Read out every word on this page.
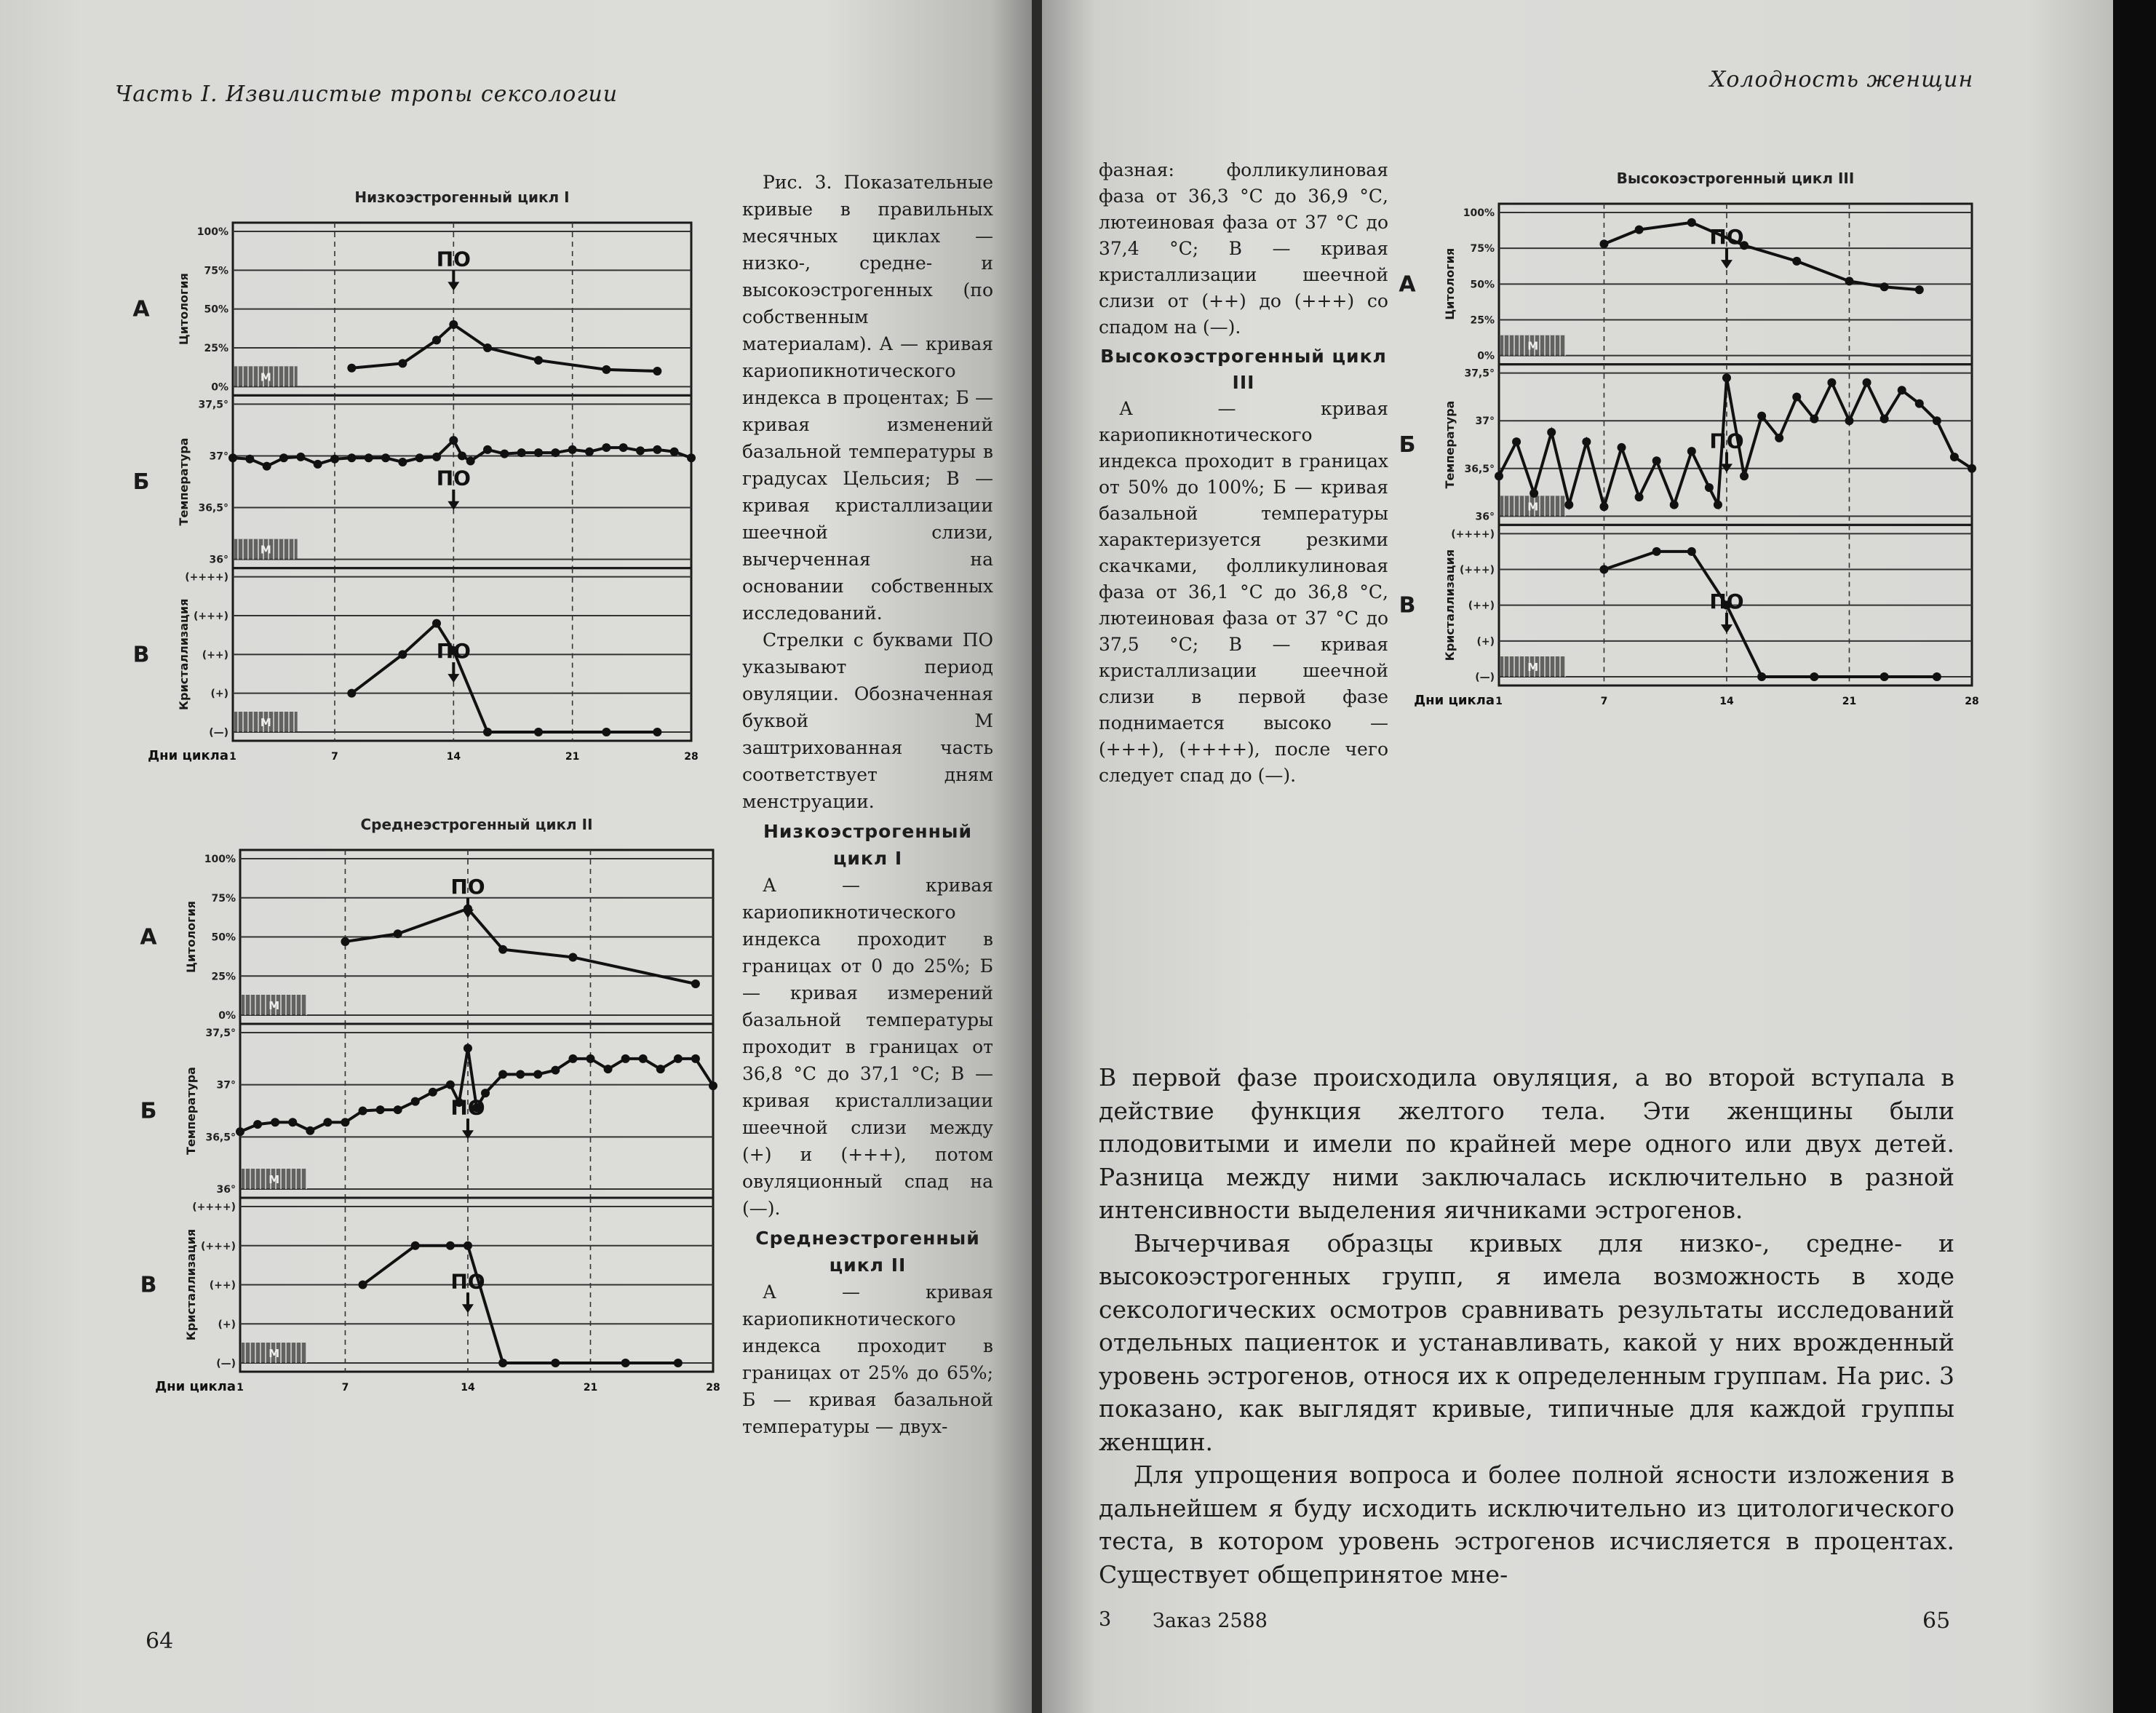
Часть I. Извилистые тропы сексологии
Низкоэстрогенный цикл I
100%
75%
50%
25%
0%
А Цитология
М
ПО
37,5°
37°
36,5°
36°
Б Температура
М
ПО
(++++)
(+++)
(++)
(+)
(—)
В Кристаллизация
М
ПО
Дни цикла 1	7	14	21	28
Среднеэстрогенный цикл II
100%
75%
50%
25%
0%
А Цитология
М
ПО
37,5°
37°
36,5°
36°
Б Температура
М
ПО
(++++)
(+++)
(++)
(+)
(—)
В Кристаллизация
М
ПО
Дни цикла 1	7	14	21	28

Рис. 3. Показательные кривые в правильных месячных циклах — низко-, средне- и высокоэстрогенных (по собственным материалам). А — кривая кариопикнотического индекса в процентах; Б — кривая изменений базальной температуры в градусах Цельсия; В — кривая кристаллизации шеечной слизи, вычерченная на основании собственных исследований.

Стрелки с буквами ПО указывают период овуляции. Обозначенная буквой М заштрихованная часть соответствует дням менструации.

Низкоэстрогенный цикл I

А — кривая кариопикнотического индекса проходит в границах от 0 до 25%; Б — кривая измерений базальной температуры проходит в границах от 36,8 °С до 37,1 °С; В — кривая кристаллизации шеечной слизи между (+) и (+++), потом овуляционный спад на (—).

Среднеэстрогенный цикл II

А — кривая кариопикнотического индекса проходит в границах от 25% до 65%; Б — кривая базальной температуры — двух-

64
Холодность женщин

фазная: фолликулиновая фаза от 36,3 °С до 36,9 °С, лютеиновая фаза от 37 °С до 37,4 °С; В — кривая кристаллизации шеечной слизи от (++) до (+++) со спадом на (—).

Высокоэстрогенный цикл III

А — кривая кариопикнотического индекса проходит в границах от 50% до 100%; Б — кривая базальной температуры характеризуется резкими скачками, фолликулиновая фаза от 36,1 °С до 36,8 °С, лютеиновая фаза от 37 °С до 37,5 °С; В — кривая кристаллизации шеечной слизи в первой фазе поднимается высоко — (+++), (++++), после чего следует спад до (—).

Высокоэстрогенный цикл III
100%
75%
50%
25%
0%
А Цитология
М
ПО
37,5°
37°
36,5°
36°
Б Температура
М
ПО
(++++)
(+++)
(++)
(+)
(—)
В Кристаллизация
М
ПО
Дни цикла 1	7	14	21	28

В первой фазе происходила овуляция, а во второй вступала в действие функция желтого тела. Эти женщины были плодовитыми и имели по крайней мере одного или двух детей. Разница между ними заключалась исключительно в разной интенсивности выделения яичниками эстрогенов.

Вычерчивая образцы кривых для низко-, средне- и высокоэстрогенных групп, я имела возможность в ходе сексологических осмотров сравнивать результаты исследований отдельных пациенток и устанавливать, какой у них врожденный уровень эстрогенов, относя их к определенным группам. На рис. 3 показано, как выглядят кривые, типичные для каждой группы женщин.

Для упрощения вопроса и более полной ясности изложения в дальнейшем я буду исходить исключительно из цитологического теста, в котором уровень эстрогенов исчисляется в процентах. Существует общепринятое мне-

3 Заказ 2588	65
